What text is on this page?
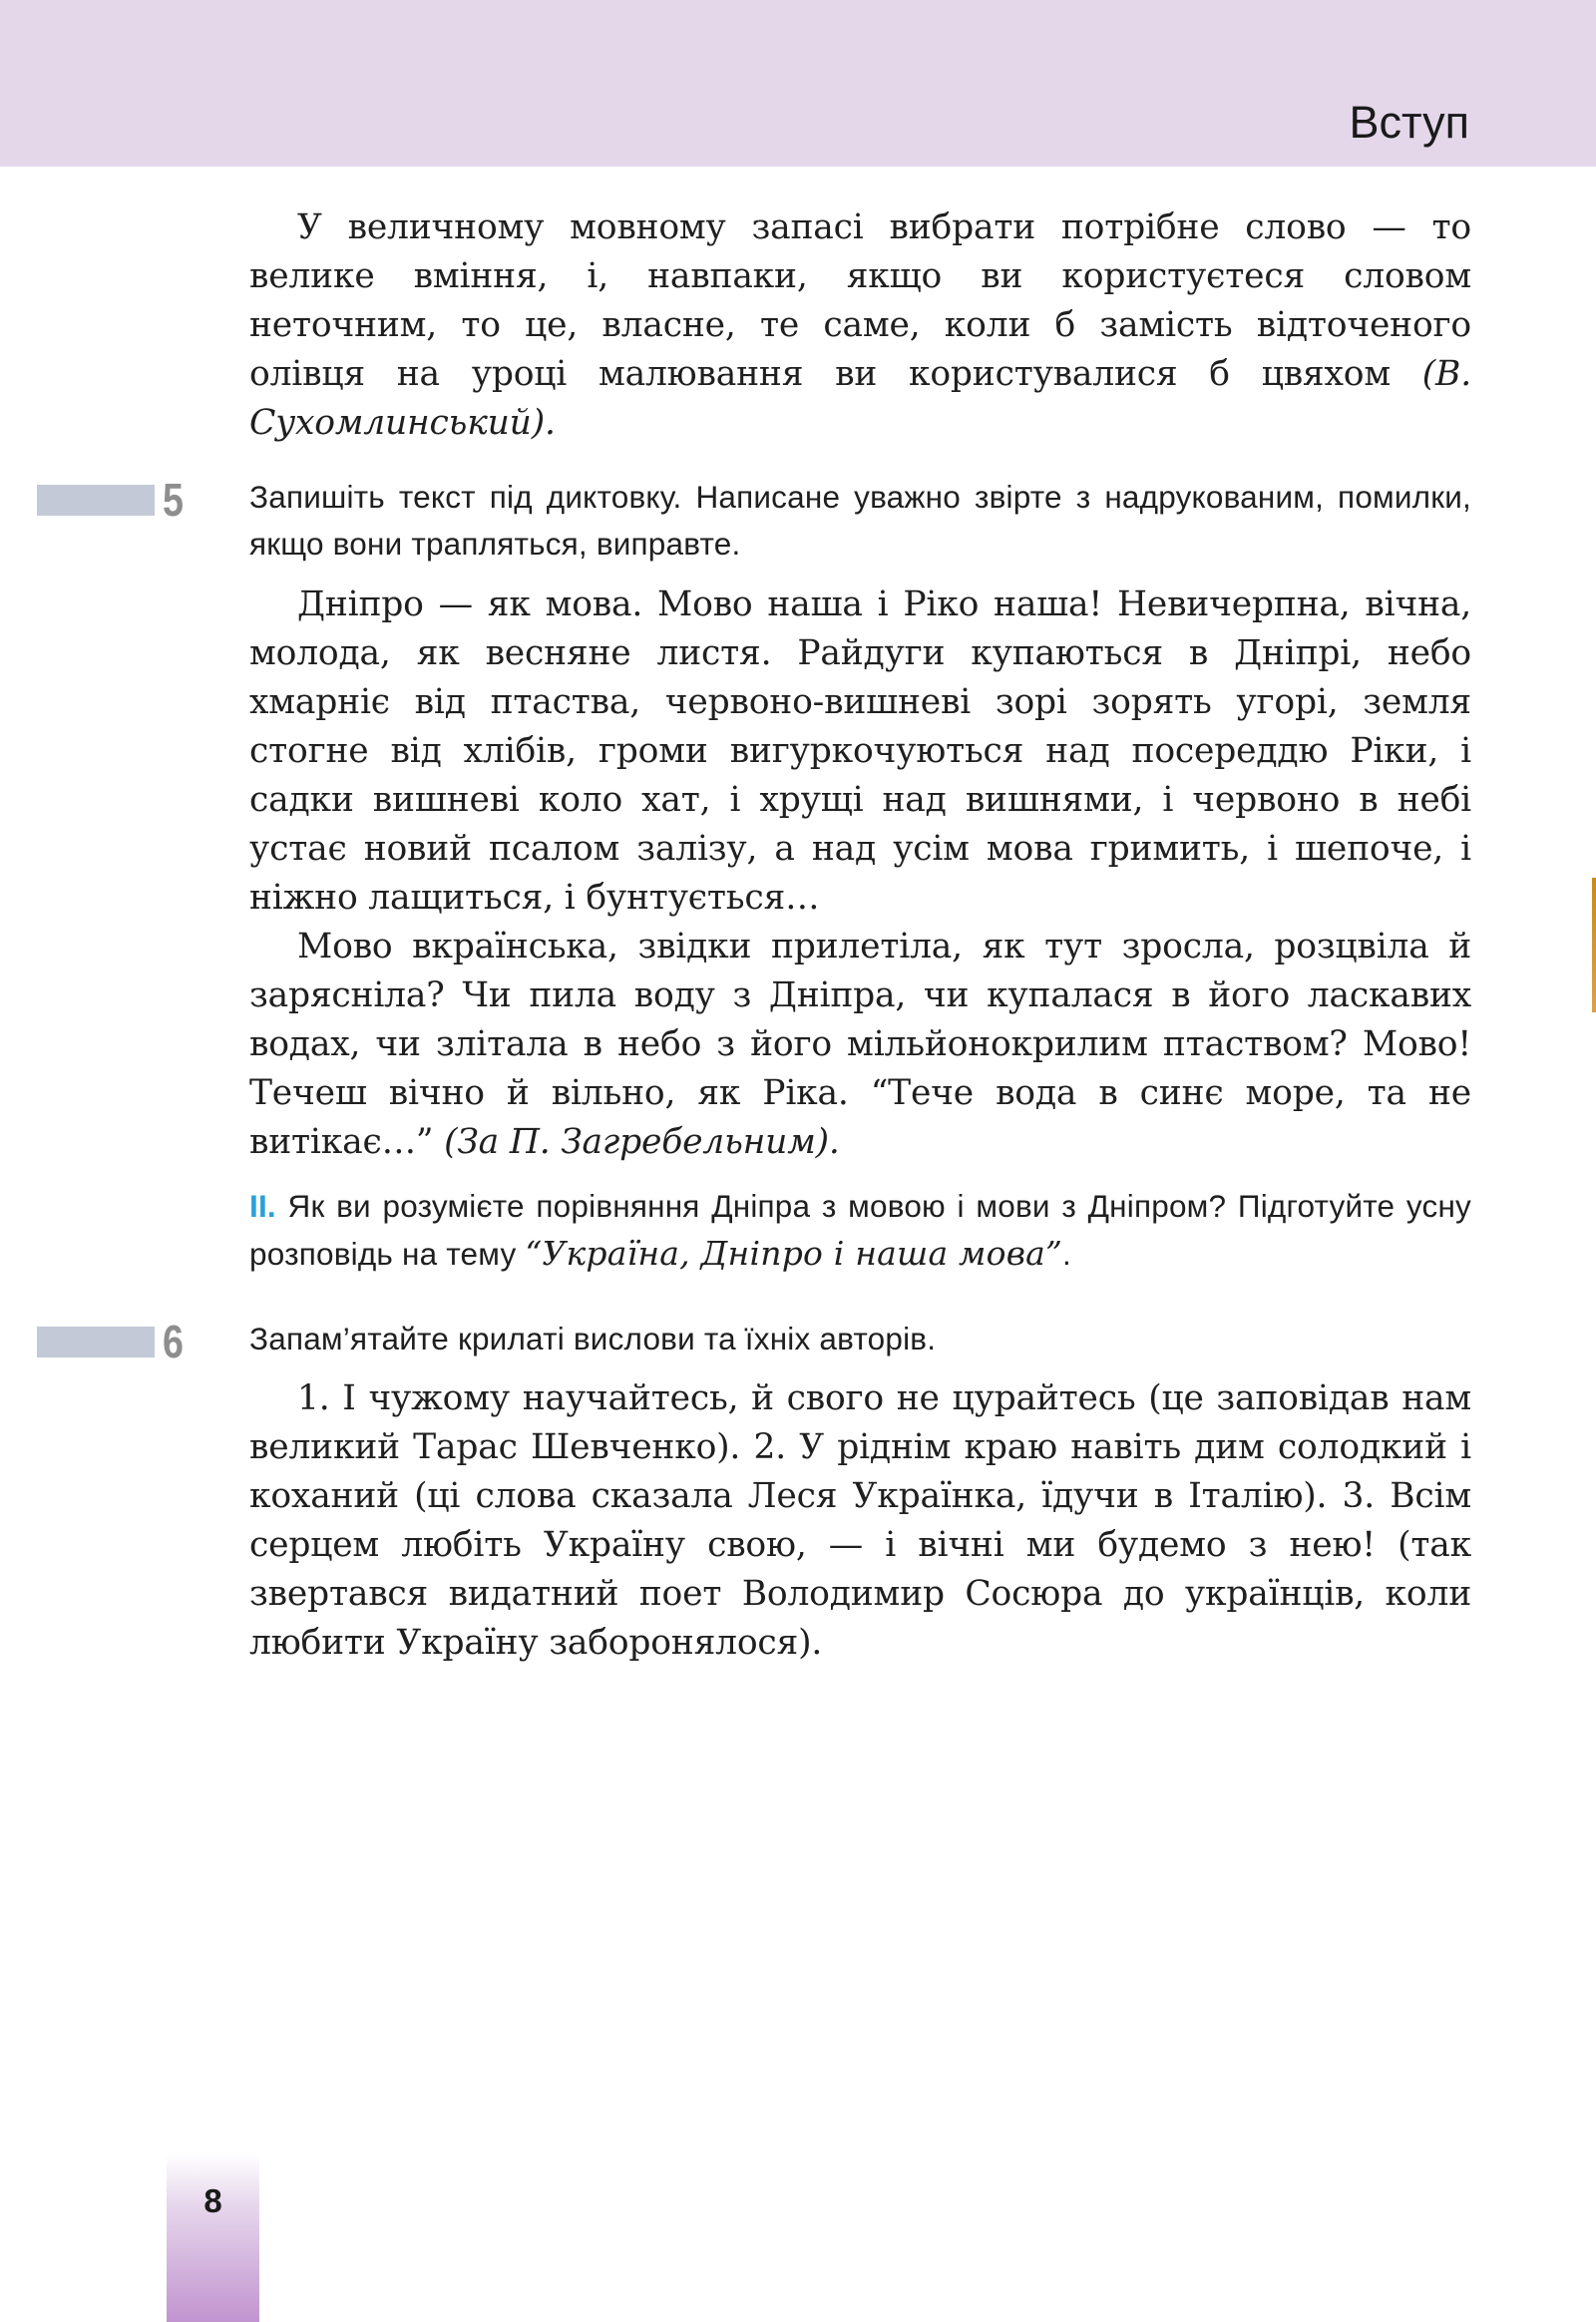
Вступ

У величному мовному запасі вибрати потрібне слово — то велике вміння, і, навпаки, якщо ви користуєтеся словом неточним, то це, власне, те саме, коли б замість відточеного олівця на уроці малювання ви користувалися б цвяхом (В. Сухомлинський).

5 Запишіть текст під диктовку. Написане уважно звірте з надрукованим, помилки, якщо вони трапляться, виправте.

Дніпро — як мова. Мово наша і Ріко наша! Невичерпна, вічна, молода, як весняне листя. Райдуги купаються в Дніпрі, небо хмарніє від птаства, червоно-вишневі зорі зорять угорі, земля стогне від хлібів, громи вигуркочуються над посереддю Ріки, і садки вишневі коло хат, і хрущі над вишнями, і червоно в небі устає новий псалом залізу, а над усім мова гримить, і шепоче, і ніжно лащиться, і бунтується…

Мово вкраїнська, звідки прилетіла, як тут зросла, розцвіла й зарясніла? Чи пила воду з Дніпра, чи купалася в його ласкавих водах, чи злітала в небо з його мільйонокрилим птаством? Мово! Течеш вічно й вільно, як Ріка. “Тече вода в синє море, та не витікає…” (За П. Загребельним).

II. Як ви розумієте порівняння Дніпра з мовою і мови з Дніпром? Підготуйте усну розповідь на тему “Україна, Дніпро і наша мова”.

6 Запам’ятайте крилаті вислови та їхніх авторів.

1. І чужому научайтесь, й свого не цурайтесь (це заповідав нам великий Тарас Шевченко). 2. У ріднім краю навіть дим солодкий і коханий (ці слова сказала Леся Українка, їдучи в Італію). 3. Всім серцем любіть Україну свою, — і вічні ми будемо з нею! (так звертався видатний поет Володимир Сосюра до українців, коли любити Україну заборонялося).

8
